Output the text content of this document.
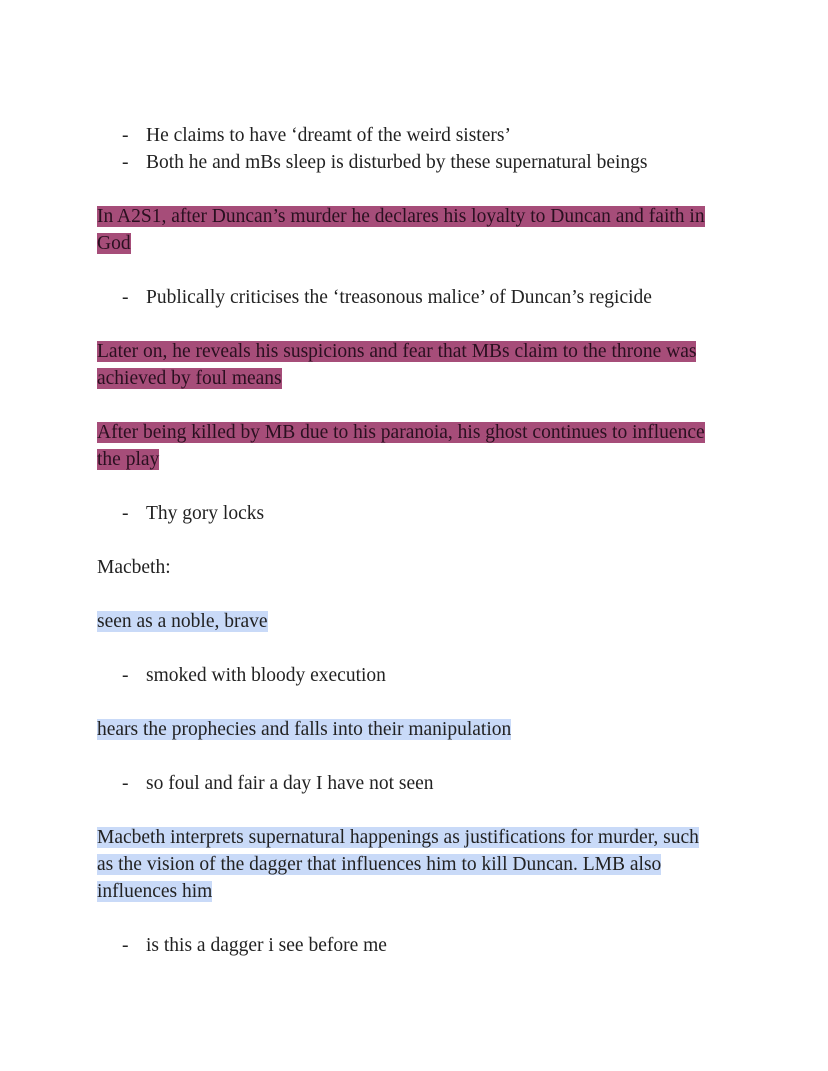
- He claims to have ‘dreamt of the weird sisters’
- Both he and mBs sleep is disturbed by these supernatural beings
In A2S1, after Duncan’s murder he declares his loyalty to Duncan and faith in
God
- Publically criticises the ‘treasonous malice’ of Duncan’s regicide
Later on, he reveals his suspicions and fear that MBs claim to the throne was
achieved by foul means
After being killed by MB due to his paranoia, his ghost continues to influence
the play
- Thy gory locks
Macbeth:
seen as a noble, brave
- smoked with bloody execution
hears the prophecies and falls into their manipulation
- so foul and fair a day I have not seen
Macbeth interprets supernatural happenings as justifications for murder, such
as the vision of the dagger that influences him to kill Duncan. LMB also
influences him
- is this a dagger i see before me
